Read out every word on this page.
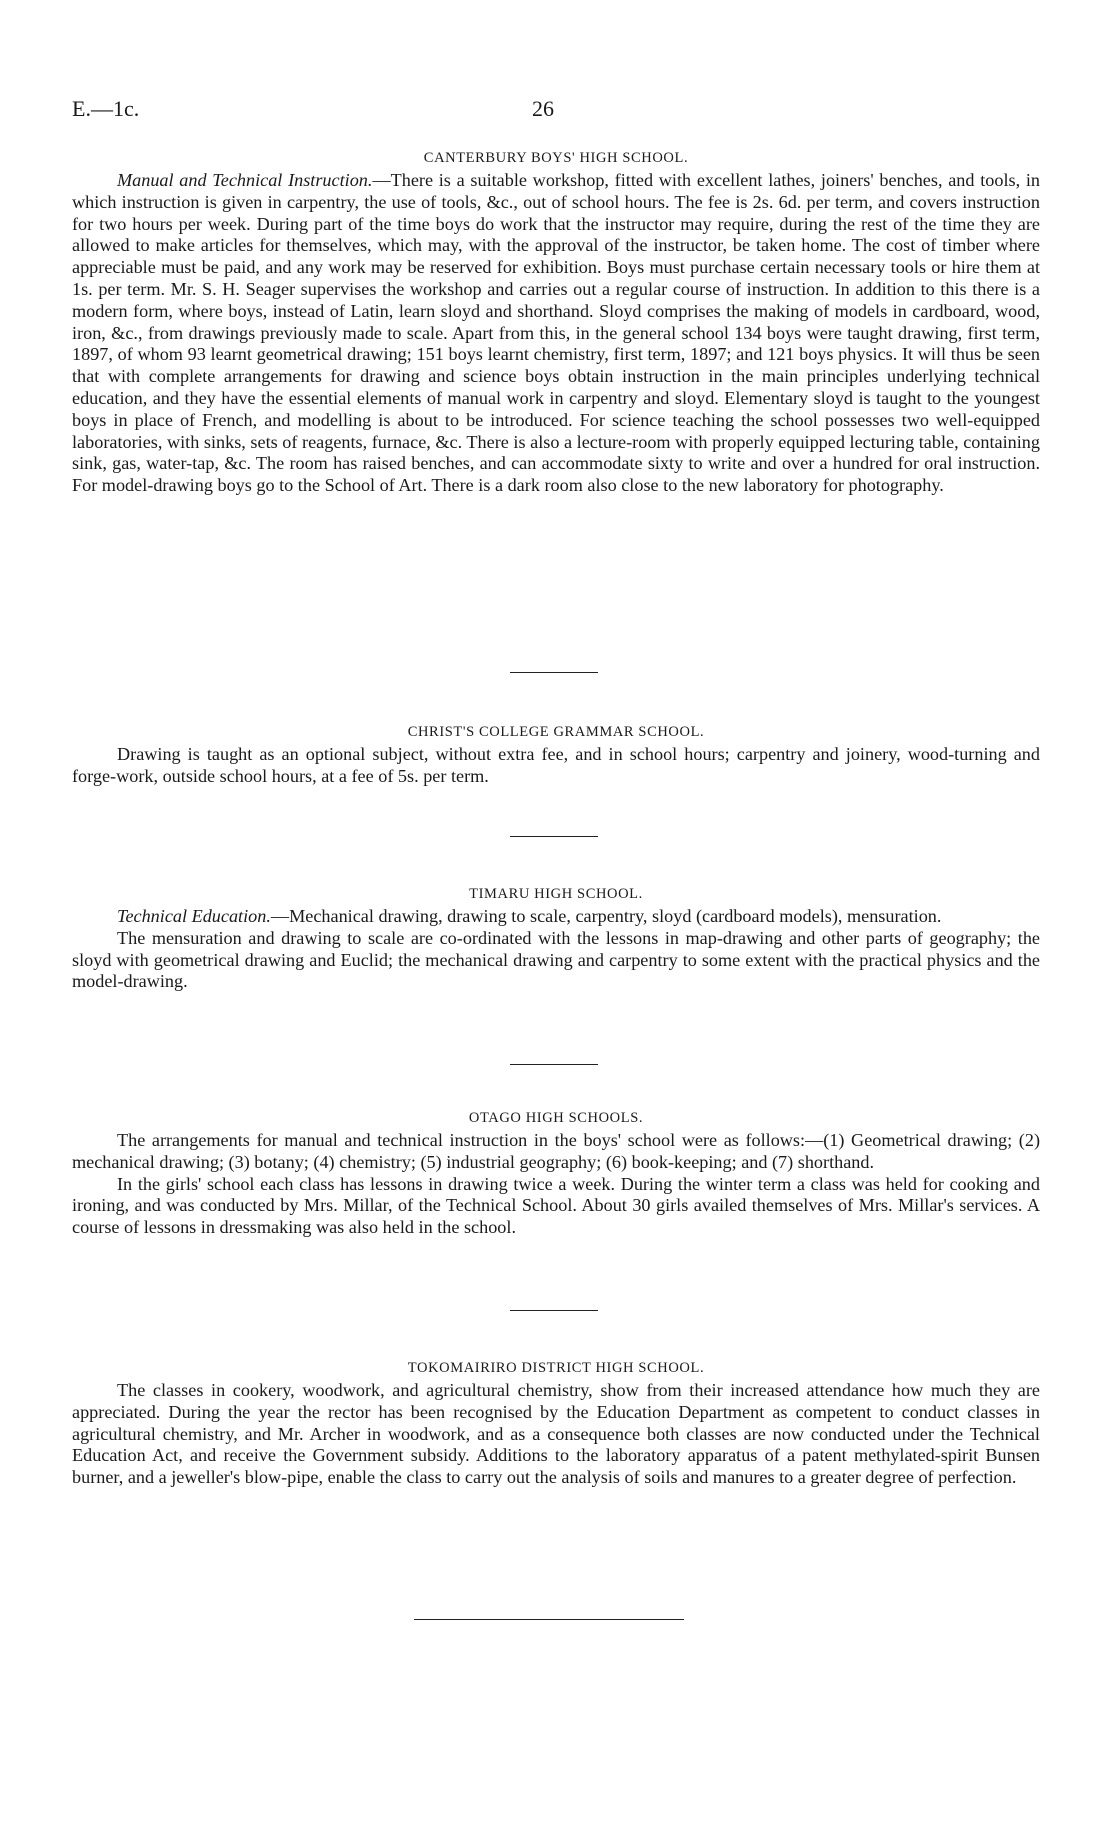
E.—1c.	26
CANTERBURY BOYS' HIGH SCHOOL.

Manual and Technical Instruction.—There is a suitable workshop, fitted with excellent lathes, joiners' benches, and tools, in which instruction is given in carpentry, the use of tools, &c., out of school hours. The fee is 2s. 6d. per term, and covers instruction for two hours per week. During part of the time boys do work that the instructor may require, during the rest of the time they are allowed to make articles for themselves, which may, with the approval of the instructor, be taken home. The cost of timber where appreciable must be paid, and any work may be reserved for exhibition. Boys must purchase certain necessary tools or hire them at 1s. per term. Mr. S. H. Seager supervises the workshop and carries out a regular course of instruction. In addition to this there is a modern form, where boys, instead of Latin, learn sloyd and shorthand. Sloyd comprises the making of models in cardboard, wood, iron, &c., from drawings previously made to scale. Apart from this, in the general school 134 boys were taught drawing, first term, 1897, of whom 93 learnt geometrical drawing; 151 boys learnt chemistry, first term, 1897; and 121 boys physics. It will thus be seen that with complete arrangements for drawing and science boys obtain instruction in the main principles underlying technical education, and they have the essential elements of manual work in carpentry and sloyd. Elementary sloyd is taught to the youngest boys in place of French, and modelling is about to be introduced. For science teaching the school possesses two well-equipped laboratories, with sinks, sets of reagents, furnace, &c. There is also a lecture-room with properly equipped lecturing table, containing sink, gas, water-tap, &c. The room has raised benches, and can accommodate sixty to write and over a hundred for oral instruction. For model-drawing boys go to the School of Art. There is a dark room also close to the new laboratory for photography.

CHRIST'S COLLEGE GRAMMAR SCHOOL.

Drawing is taught as an optional subject, without extra fee, and in school hours; carpentry and joinery, wood-turning and forge-work, outside school hours, at a fee of 5s. per term.

TIMARU HIGH SCHOOL.

Technical Education.—Mechanical drawing, drawing to scale, carpentry, sloyd (cardboard models), mensuration.

The mensuration and drawing to scale are co-ordinated with the lessons in map-drawing and other parts of geography; the sloyd with geometrical drawing and Euclid; the mechanical drawing and carpentry to some extent with the practical physics and the model-drawing.

OTAGO HIGH SCHOOLS.

The arrangements for manual and technical instruction in the boys' school were as follows:—(1) Geometrical drawing; (2) mechanical drawing; (3) botany; (4) chemistry; (5) industrial geography; (6) book-keeping; and (7) shorthand.

In the girls' school each class has lessons in drawing twice a week. During the winter term a class was held for cooking and ironing, and was conducted by Mrs. Millar, of the Technical School. About 30 girls availed themselves of Mrs. Millar's services. A course of lessons in dressmaking was also held in the school.

TOKOMAIRIRO DISTRICT HIGH SCHOOL.

The classes in cookery, woodwork, and agricultural chemistry, show from their increased attendance how much they are appreciated. During the year the rector has been recognised by the Education Department as competent to conduct classes in agricultural chemistry, and Mr. Archer in woodwork, and as a consequence both classes are now conducted under the Technical Education Act, and receive the Government subsidy. Additions to the laboratory apparatus of a patent methylated-spirit Bunsen burner, and a jeweller's blow-pipe, enable the class to carry out the analysis of soils and manures to a greater degree of perfection.
